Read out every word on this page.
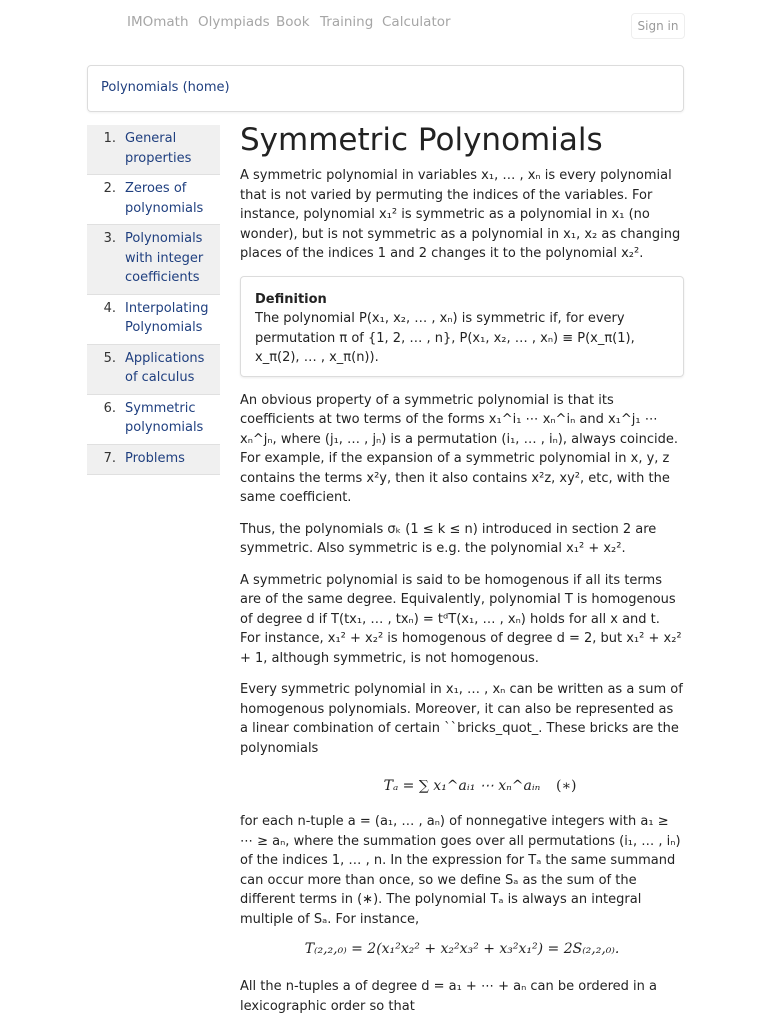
IMOmath Olympiads Book Training Calculator	Sign in
Polynomials (home)
1. General properties
2. Zeroes of polynomials
3. Polynomials with integer coefficients
4. Interpolating Polynomials
5. Applications of calculus
6. Symmetric polynomials
7. Problems
Symmetric Polynomials

A symmetric polynomial in variables x₁, … , xₙ is every polynomial that is not varied by permuting the indices of the variables. For instance, polynomial x₁² is symmetric as a polynomial in x₁ (no wonder), but is not symmetric as a polynomial in x₁, x₂ as changing places of the indices 1 and 2 changes it to the polynomial x₂².

Definition

The polynomial P(x₁, x₂, … , xₙ) is symmetric if, for every permutation π of {1, 2, … , n}, P(x₁, x₂, … , xₙ) ≡ P(x_π(1), x_π(2), … , x_π(n)).

An obvious property of a symmetric polynomial is that its coefficients at two terms of the forms x₁^i₁ ⋯ xₙ^iₙ and x₁^j₁ ⋯ xₙ^jₙ, where (j₁, … , jₙ) is a permutation (i₁, … , iₙ), always coincide. For example, if the expansion of a symmetric polynomial in x, y, z contains the terms x²y, then it also contains x²z, xy², etc, with the same coefficient.

Thus, the polynomials σₖ (1 ≤ k ≤ n) introduced in section 2 are symmetric. Also symmetric is e.g. the polynomial x₁² + x₂².

A symmetric polynomial is said to be homogenous if all its terms are of the same degree. Equivalently, polynomial T is homogenous of degree d if T(tx₁, … , txₙ) = tᵈT(x₁, … , xₙ) holds for all x and t. For instance, x₁² + x₂² is homogenous of degree d = 2, but x₁² + x₂² + 1, although symmetric, is not homogenous.

Every symmetric polynomial in x₁, … , xₙ can be written as a sum of homogenous polynomials. Moreover, it can also be represented as a linear combination of certain ``bricks_quot_. These bricks are the polynomials

Tₐ = ∑ x₁^aᵢ₁ ⋯ xₙ^aᵢₙ (∗)

for each n-tuple a = (a₁, … , aₙ) of nonnegative integers with a₁ ≥ ⋯ ≥ aₙ, where the summation goes over all permutations (i₁, … , iₙ) of the indices 1, … , n. In the expression for Tₐ the same summand can occur more than once, so we define Sₐ as the sum of the different terms in (∗). The polynomial Tₐ is always an integral multiple of Sₐ. For instance,

T₍₂,₂,₀₎ = 2(x₁²x₂² + x₂²x₃² + x₃²x₁²) = 2S₍₂,₂,₀₎.

All the n-tuples a of degree d = a₁ + ⋯ + aₙ can be ordered in a lexicographic order so that
